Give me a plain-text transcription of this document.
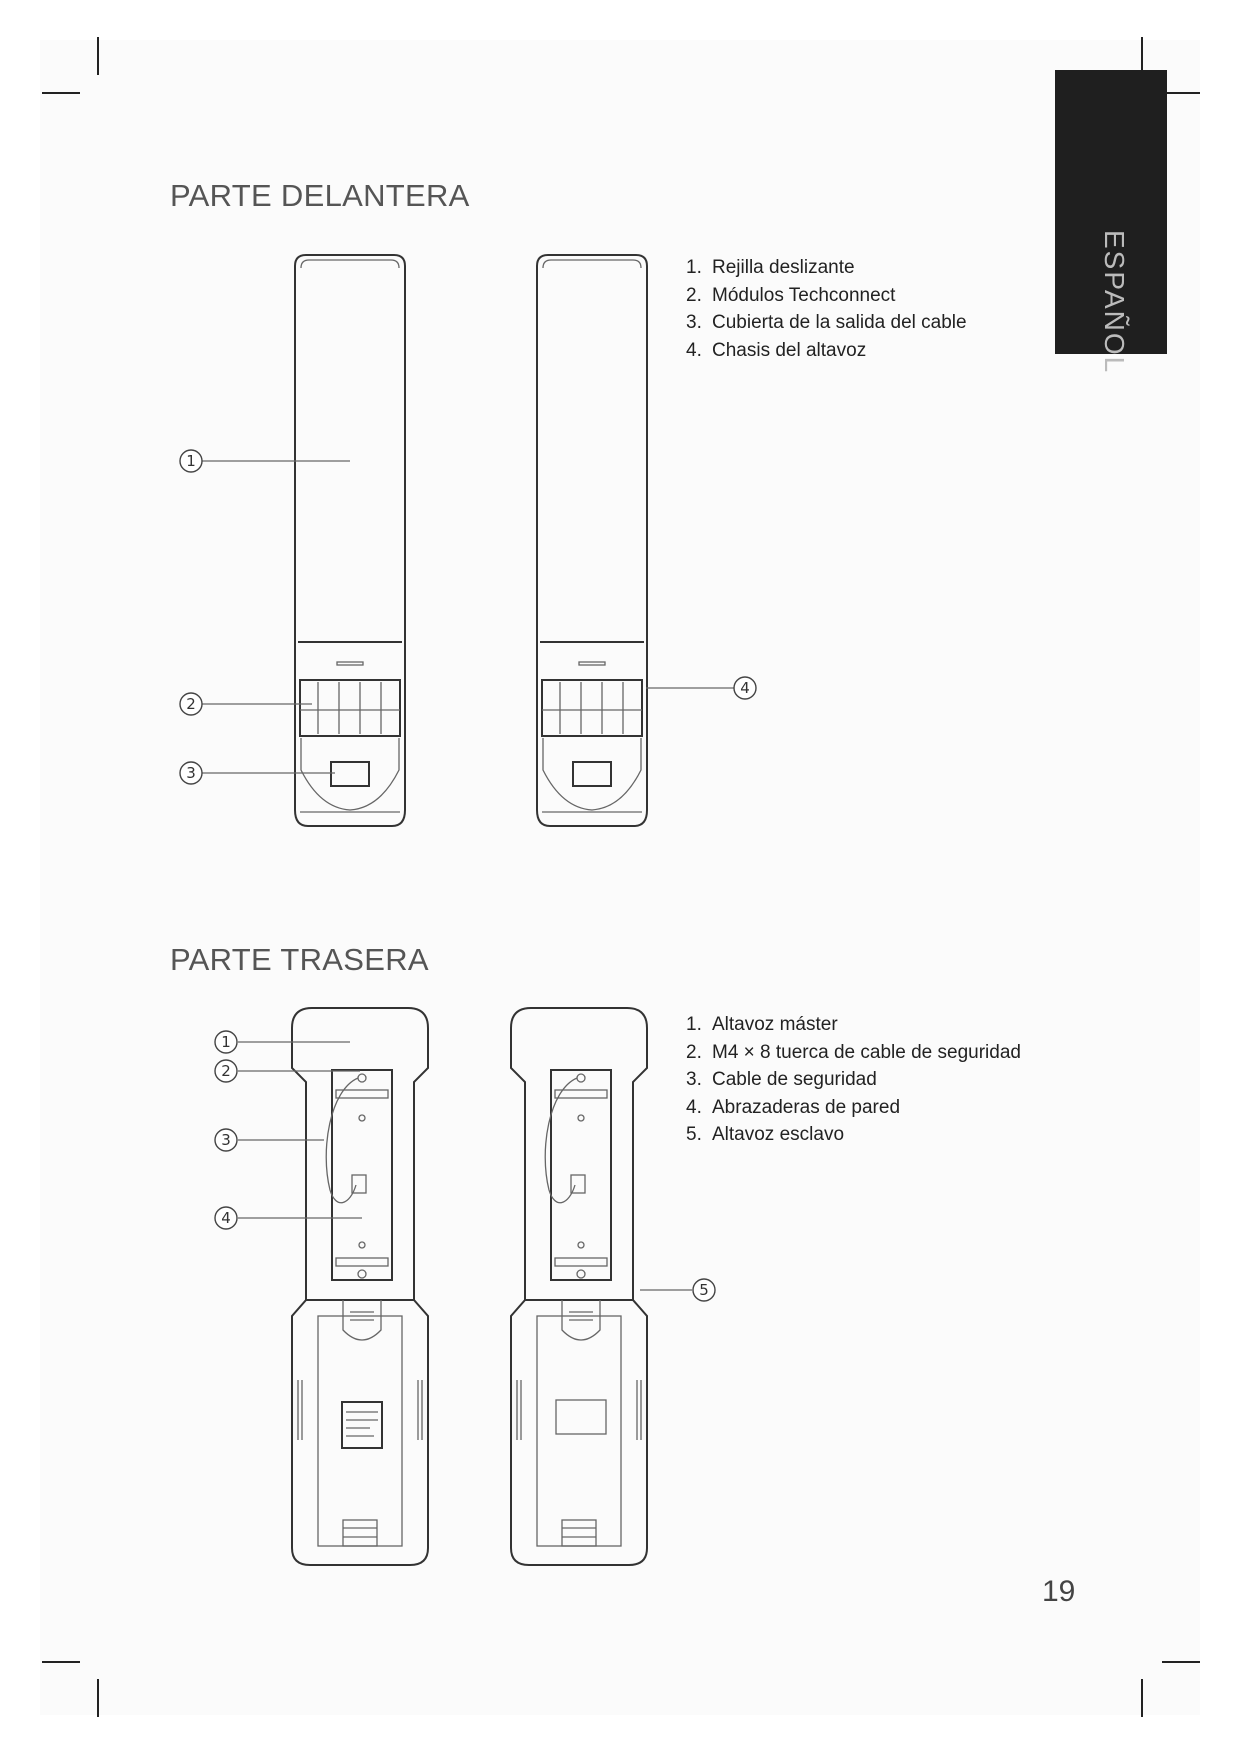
ESPAÑOL
PARTE DELANTERA
PARTE TRASERA
1. Rejilla deslizante
2. Módulos Techconnect
3. Cubierta de la salida del cable
4. Chasis del altavoz
1. Altavoz máster
2. M4 × 8 tuerca de cable de seguridad
3. Cable de seguridad
4. Abrazaderas de pared
5. Altavoz esclavo
1
2
3
4
1
2
3
4
5
19
